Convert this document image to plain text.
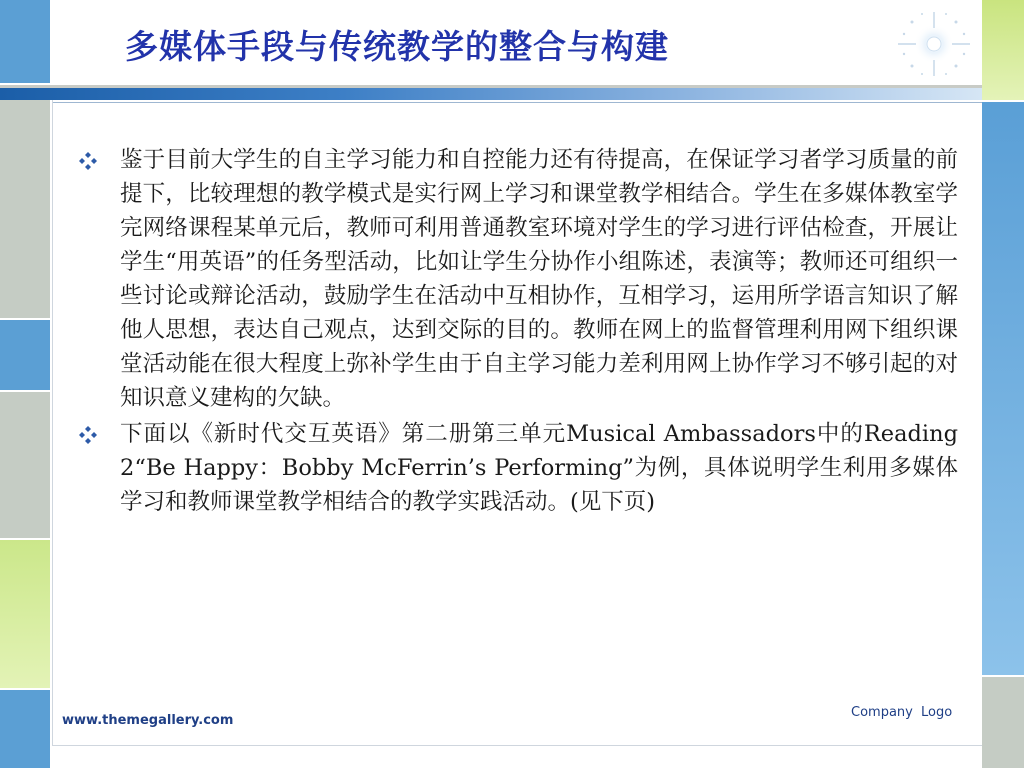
多媒体手段与传统教学的整合与构建
鉴于目前大学生的自主学习能力和自控能力还有待提高，在保证学习者学习质量的前提下，比较理想的教学模式是实行网上学习和课堂教学相结合。学生在多媒体教室学完网络课程某单元后，教师可利用普通教室环境对学生的学习进行评估检查，开展让学生“用英语”的任务型活动，比如让学生分协作小组陈述，表演等；教师还可组织一些讨论或辩论活动，鼓励学生在活动中互相协作，互相学习，运用所学语言知识了解他人思想，表达自己观点，达到交际的目的。教师在网上的监督管理利用网下组织课堂活动能在很大程度上弥补学生由于自主学习能力差利用网上协作学习不够引起的对知识意义建构的欠缺。
下面以《新时代交互英语》第二册第三单元Musical Ambassadors中的Reading 2“Be Happy：Bobby McFerrin’s Performing”为例，具体说明学生利用多媒体学习和教师课堂教学相结合的教学实践活动。(见下页)
www.themegallery.com
Company Logo
